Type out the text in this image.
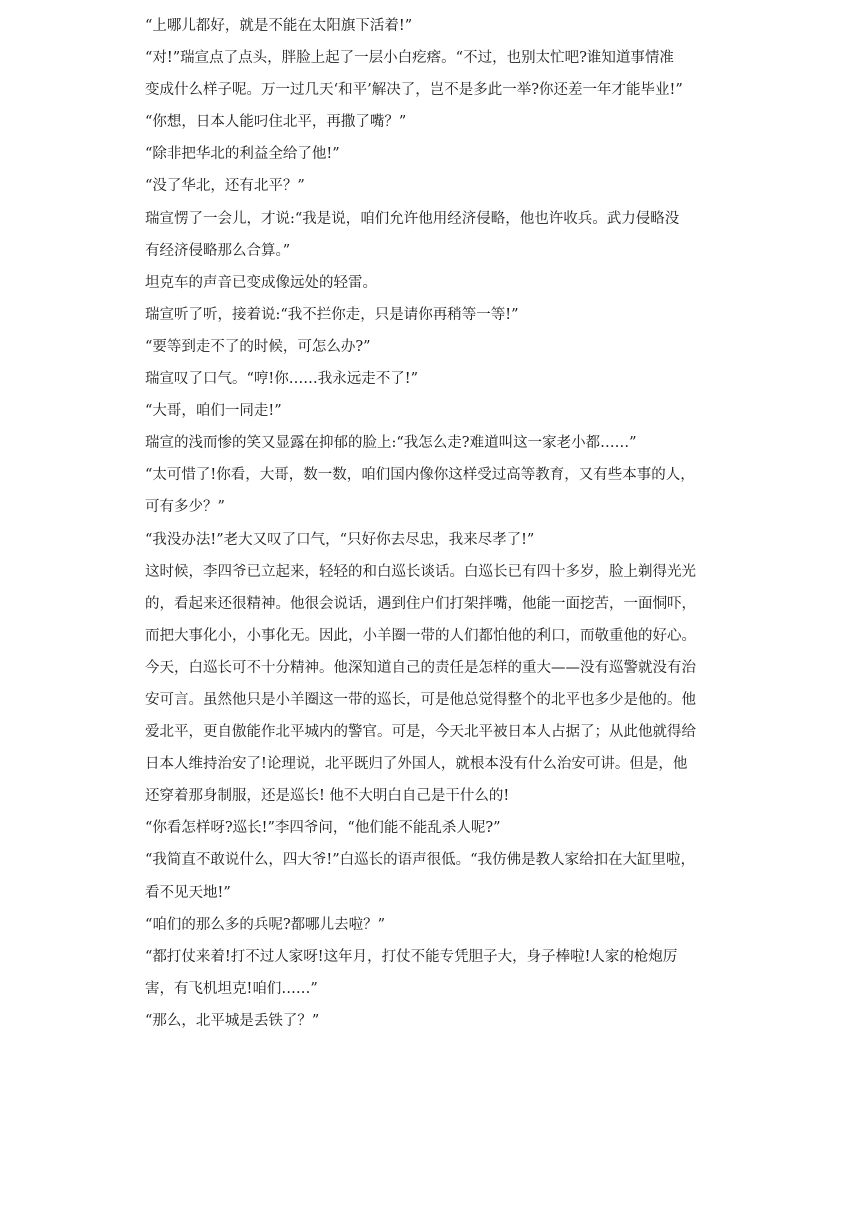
“上哪儿都好，就是不能在太阳旗下活着!”
“对!”瑞宣点了点头，胖脸上起了一层小白疙瘩。“不过，也别太忙吧?谁知道事情准
变成什么样子呢。万一过几天‘和平’解决了，岂不是多此一举?你还差一年才能毕业!”
“你想，日本人能叼住北平，再撒了嘴？”
“除非把华北的利益全给了他!”
“没了华北，还有北平？”
瑞宣愣了一会儿，才说:“我是说，咱们允许他用经济侵略，他也许收兵。武力侵略没
有经济侵略那么合算。”
坦克车的声音已变成像远处的轻雷。
瑞宣听了听，接着说:“我不拦你走，只是请你再稍等一等!”
“要等到走不了的时候，可怎么办?”
瑞宣叹了口气。“哼!你……我永远走不了!”
“大哥，咱们一同走!”
瑞宣的浅而惨的笑又显露在抑郁的脸上:“我怎么走?难道叫这一家老小都……”
“太可惜了!你看，大哥，数一数，咱们国内像你这样受过高等教育，又有些本事的人，
可有多少？”
“我没办法!”老大又叹了口气，“只好你去尽忠，我来尽孝了!”
这时候，李四爷已立起来，轻轻的和白巡长谈话。白巡长已有四十多岁，脸上剃得光光
的，看起来还很精神。他很会说话，遇到住户们打架拌嘴，他能一面挖苦，一面恫吓，
而把大事化小，小事化无。因此，小羊圈一带的人们都怕他的利口，而敬重他的好心。
今天，白巡长可不十分精神。他深知道自己的责任是怎样的重大——没有巡警就没有治
安可言。虽然他只是小羊圈这一带的巡长，可是他总觉得整个的北平也多少是他的。他
爱北平，更自傲能作北平城内的警官。可是，今天北平被日本人占据了；从此他就得给
日本人维持治安了!论理说，北平既归了外国人，就根本没有什么治安可讲。但是，他
还穿着那身制服，还是巡长! 他不大明白自己是干什么的!
“你看怎样呀?巡长!”李四爷问，“他们能不能乱杀人呢?”
“我简直不敢说什么，四大爷!”白巡长的语声很低。“我仿佛是教人家给扣在大缸里啦，
看不见天地!”
“咱们的那么多的兵呢?都哪儿去啦？”
“都打仗来着!打不过人家呀!这年月，打仗不能专凭胆子大，身子棒啦!人家的枪炮厉
害，有飞机坦克!咱们……”
“那么，北平城是丢铁了？”
